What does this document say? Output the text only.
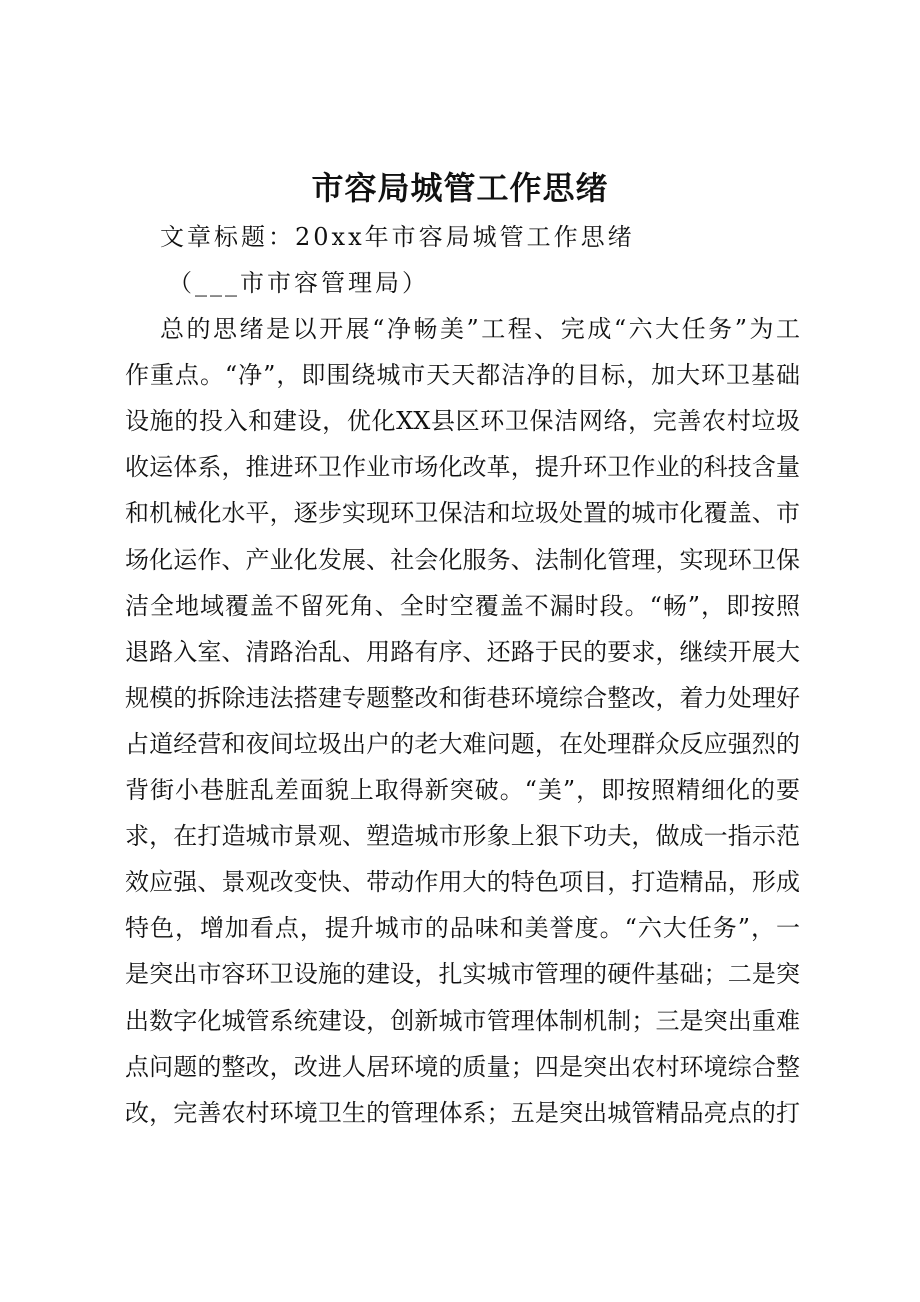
市容局城管工作思绪
文章标题：20xx年市容局城管工作思绪
（___市市容管理局）
总的思绪是以开展“净畅美”工程、完成“六大任务”为工
作重点。“净”，即围绕城市天天都洁净的目标，加大环卫基础
设施的投入和建设，优化XX县区环卫保洁网络，完善农村垃圾
收运体系，推进环卫作业市场化改革，提升环卫作业的科技含量
和机械化水平，逐步实现环卫保洁和垃圾处置的城市化覆盖、市
场化运作、产业化发展、社会化服务、法制化管理，实现环卫保
洁全地域覆盖不留死角、全时空覆盖不漏时段。“畅”，即按照
退路入室、清路治乱、用路有序、还路于民的要求，继续开展大
规模的拆除违法搭建专题整改和街巷环境综合整改，着力处理好
占道经营和夜间垃圾出户的老大难问题，在处理群众反应强烈的
背街小巷脏乱差面貌上取得新突破。“美”，即按照精细化的要
求，在打造城市景观、塑造城市形象上狠下功夫，做成一指示范
效应强、景观改变快、带动作用大的特色项目，打造精品，形成
特色，增加看点，提升城市的品味和美誉度。“六大任务”，一
是突出市容环卫设施的建设，扎实城市管理的硬件基础；二是突
出数字化城管系统建设，创新城市管理体制机制；三是突出重难
点问题的整改，改进人居环境的质量；四是突出农村环境综合整
改，完善农村环境卫生的管理体系；五是突出城管精品亮点的打
